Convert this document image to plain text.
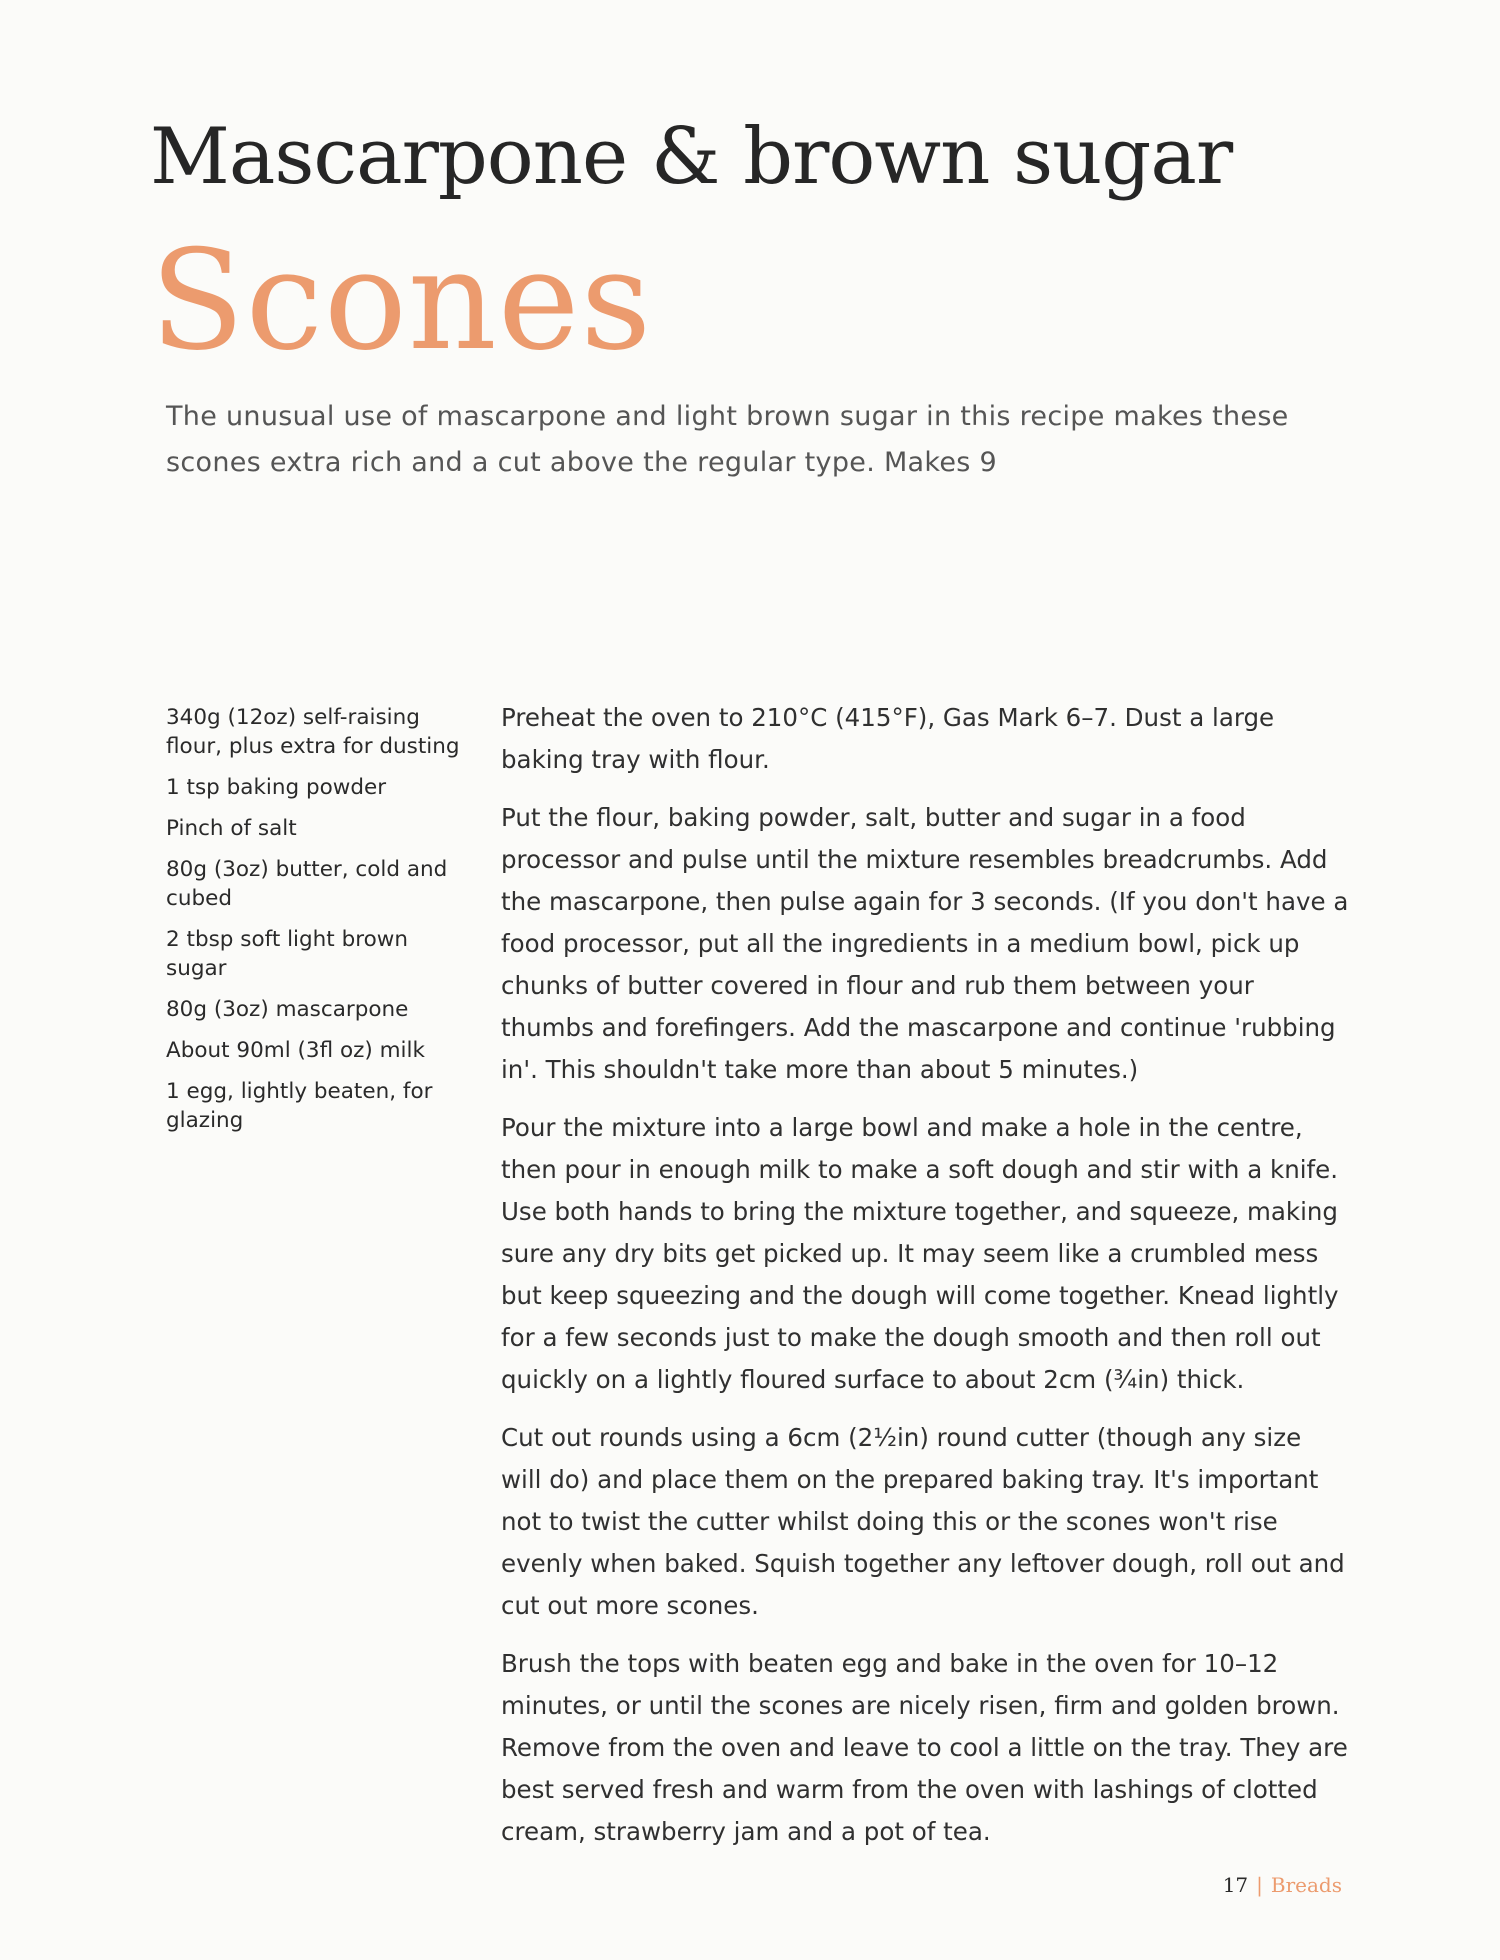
Mascarpone & brown sugar
Scones

The unusual use of mascarpone and light brown sugar in this recipe makes these scones extra rich and a cut above the regular type. Makes 9

340g (12oz) self-raising flour, plus extra for dusting
1 tsp baking powder
Pinch of salt
80g (3oz) butter, cold and cubed
2 tbsp soft light brown sugar
80g (3oz) mascarpone
About 90ml (3fl oz) milk
1 egg, lightly beaten, for glazing

Preheat the oven to 210°C (415°F), Gas Mark 6–7. Dust a large baking tray with flour.

Put the flour, baking powder, salt, butter and sugar in a food processor and pulse until the mixture resembles breadcrumbs. Add the mascarpone, then pulse again for 3 seconds. (If you don't have a food processor, put all the ingredients in a medium bowl, pick up chunks of butter covered in flour and rub them between your thumbs and forefingers. Add the mascarpone and continue 'rubbing in'. This shouldn't take more than about 5 minutes.)

Pour the mixture into a large bowl and make a hole in the centre, then pour in enough milk to make a soft dough and stir with a knife. Use both hands to bring the mixture together, and squeeze, making sure any dry bits get picked up. It may seem like a crumbled mess but keep squeezing and the dough will come together. Knead lightly for a few seconds just to make the dough smooth and then roll out quickly on a lightly floured surface to about 2cm (¾in) thick.

Cut out rounds using a 6cm (2½in) round cutter (though any size will do) and place them on the prepared baking tray. It's important not to twist the cutter whilst doing this or the scones won't rise evenly when baked. Squish together any leftover dough, roll out and cut out more scones.

Brush the tops with beaten egg and bake in the oven for 10–12 minutes, or until the scones are nicely risen, firm and golden brown. Remove from the oven and leave to cool a little on the tray. They are best served fresh and warm from the oven with lashings of clotted cream, strawberry jam and a pot of tea.

17 | Breads
